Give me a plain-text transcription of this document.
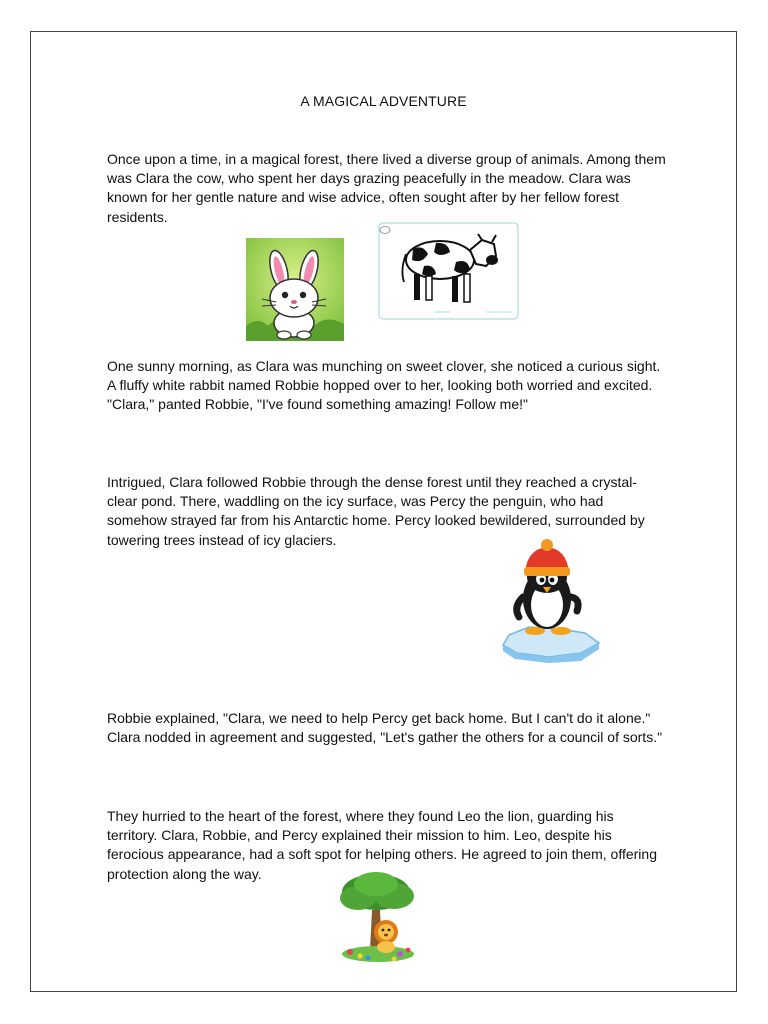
A MAGICAL ADVENTURE

Once upon a time, in a magical forest, there lived a diverse group of animals. Among them was Clara the cow, who spent her days grazing peacefully in the meadow. Clara was known for her gentle nature and wise advice, often sought after by her fellow forest residents.

One sunny morning, as Clara was munching on sweet clover, she noticed a curious sight. A fluffy white rabbit named Robbie hopped over to her, looking both worried and excited. "Clara," panted Robbie, "I've found something amazing! Follow me!"

Intrigued, Clara followed Robbie through the dense forest until they reached a crystal-clear pond. There, waddling on the icy surface, was Percy the penguin, who had somehow strayed far from his Antarctic home. Percy looked bewildered, surrounded by towering trees instead of icy glaciers.

Robbie explained, "Clara, we need to help Percy get back home. But I can't do it alone." Clara nodded in agreement and suggested, "Let's gather the others for a council of sorts."

They hurried to the heart of the forest, where they found Leo the lion, guarding his territory. Clara, Robbie, and Percy explained their mission to him. Leo, despite his ferocious appearance, had a soft spot for helping others. He agreed to join them, offering protection along the way.
